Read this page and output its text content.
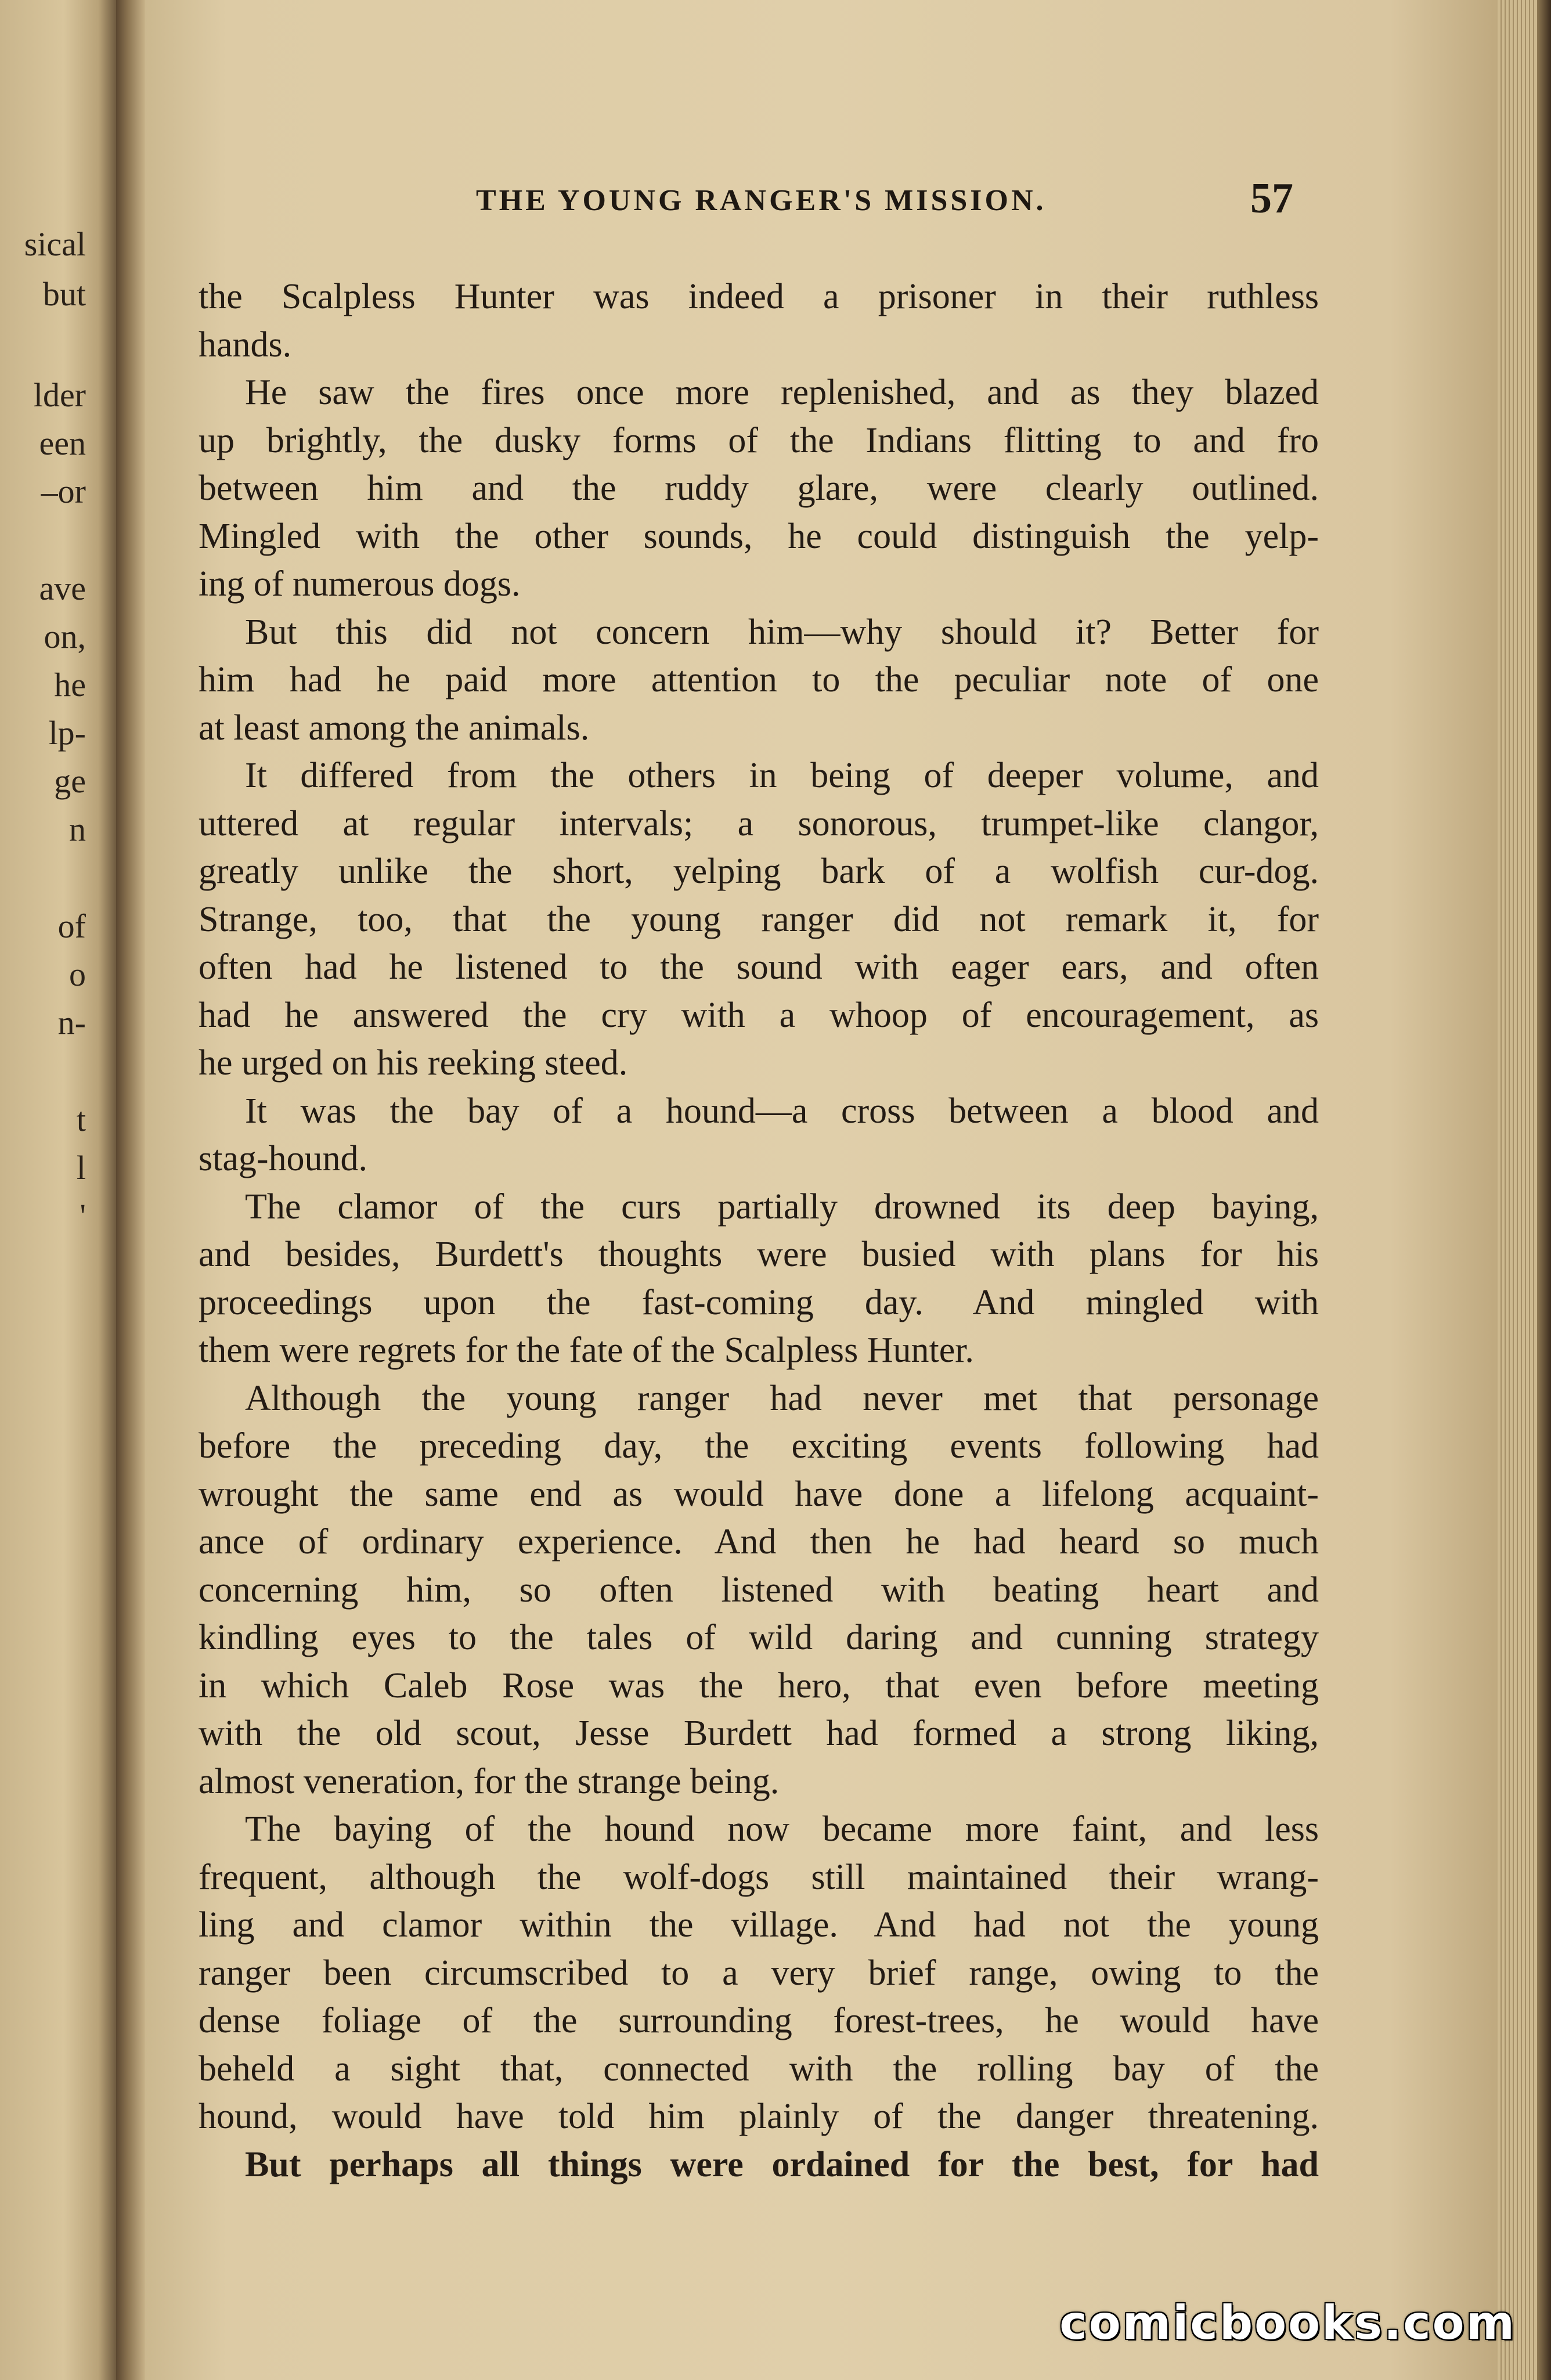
sical
but
lder
een
–or
ave
on,
he
lp-
ge
n
of
o
n-
t
l
'
THE YOUNG RANGER'S MISSION.	57
the Scalpless Hunter was indeed a prisoner in their ruthless
hands.
He saw the fires once more replenished, and as they blazed
up brightly, the dusky forms of the Indians flitting to and fro
between him and the ruddy glare, were clearly outlined.
Mingled with the other sounds, he could distinguish the yelp-
ing of numerous dogs.
But this did not concern him—why should it? Better for
him had he paid more attention to the peculiar note of one
at least among the animals.
It differed from the others in being of deeper volume, and
uttered at regular intervals; a sonorous, trumpet-like clangor,
greatly unlike the short, yelping bark of a wolfish cur-dog.
Strange, too, that the young ranger did not remark it, for
often had he listened to the sound with eager ears, and often
had he answered the cry with a whoop of encouragement, as
he urged on his reeking steed.
It was the bay of a hound—a cross between a blood and
stag-hound.
The clamor of the curs partially drowned its deep baying,
and besides, Burdett's thoughts were busied with plans for his
proceedings upon the fast-coming day. And mingled with
them were regrets for the fate of the Scalpless Hunter.
Although the young ranger had never met that personage
before the preceding day, the exciting events following had
wrought the same end as would have done a lifelong acquaint-
ance of ordinary experience. And then he had heard so much
concerning him, so often listened with beating heart and
kindling eyes to the tales of wild daring and cunning strategy
in which Caleb Rose was the hero, that even before meeting
with the old scout, Jesse Burdett had formed a strong liking,
almost veneration, for the strange being.
The baying of the hound now became more faint, and less
frequent, although the wolf-dogs still maintained their wrang-
ling and clamor within the village. And had not the young
ranger been circumscribed to a very brief range, owing to the
dense foliage of the surrounding forest-trees, he would have
beheld a sight that, connected with the rolling bay of the
hound, would have told him plainly of the danger threatening.
But perhaps all things were ordained for the best, for had
comicbooks.com
